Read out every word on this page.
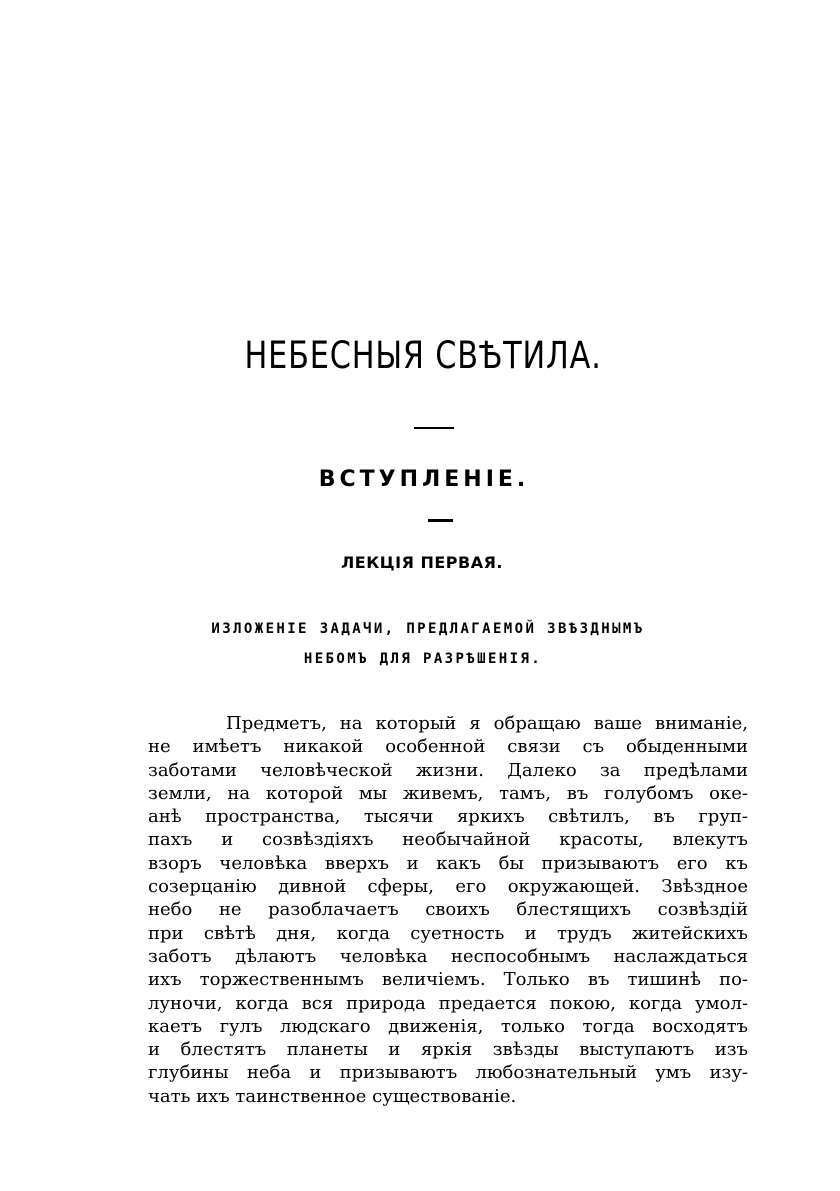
НЕБЕСНЫЯ СВѢТИЛА.
ВСТУПЛЕНІЕ.
ЛЕКЦІЯ ПЕРВАЯ.
ИЗЛОЖЕНІЕ ЗАДАЧИ, ПРЕДЛАГАЕМОЙ ЗВѢЗДНЫМЪ
НЕБОМЪ ДЛЯ РАЗРѢШЕНІЯ.
Предметъ, на который я обращаю ваше вниманіе,
не имѣетъ никакой особенной связи съ обыденными
заботами человѣческой жизни. Далеко за предѣлами
земли, на которой мы живемъ, тамъ, въ голубомъ оке-
анѣ пространства, тысячи яркихъ свѣтилъ, въ груп-
пахъ и созвѣздіяхъ необычайной красоты, влекутъ
взоръ человѣка вверхъ и какъ бы призываютъ его къ
созерцанію дивной сферы, его окружающей. Звѣздное
небо не разоблачаетъ своихъ блестящихъ созвѣздій
при свѣтѣ дня, когда суетность и трудъ житейскихъ
заботъ дѣлаютъ человѣка неспособнымъ наслаждаться
ихъ торжественнымъ величіемъ. Только въ тишинѣ по-
луночи, когда вся природа предается покою, когда умол-
каетъ гулъ людскаго движенія, только тогда восходятъ
и блестятъ планеты и яркія звѣзды выступаютъ изъ
глубины неба и призываютъ любознательный умъ изу-
чать ихъ таинственное существованіе.
